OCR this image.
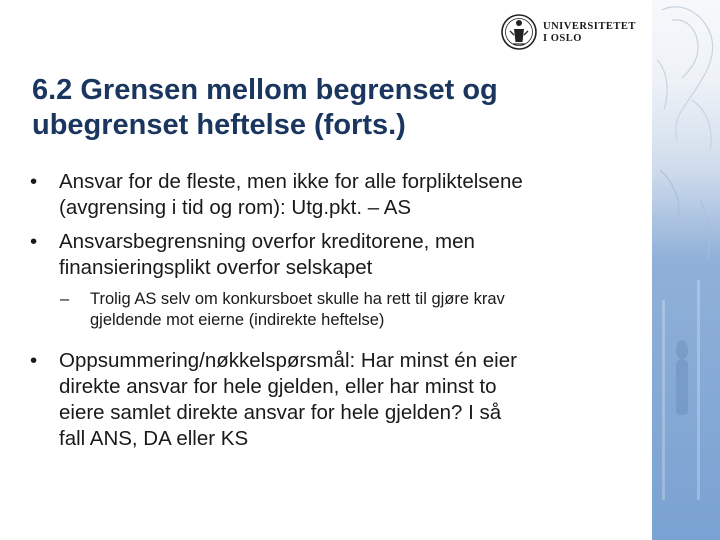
UNIVERSITETET
I OSLO
6.2 Grensen mellom begrenset og
ubegrenset heftelse (forts.)
• Ansvar for de fleste, men ikke for alle forpliktelsene
(avgrensing i tid og rom): Utg.pkt. – AS
• Ansvarsbegrensning overfor kreditorene, men
finansieringsplikt overfor selskapet
– Trolig AS selv om konkursboet skulle ha rett til gjøre krav
gjeldende mot eierne (indirekte heftelse)
• Oppsummering/nøkkelspørsmål: Har minst én eier
direkte ansvar for hele gjelden, eller har minst to
eiere samlet direkte ansvar for hele gjelden? I så
fall ANS, DA eller KS
